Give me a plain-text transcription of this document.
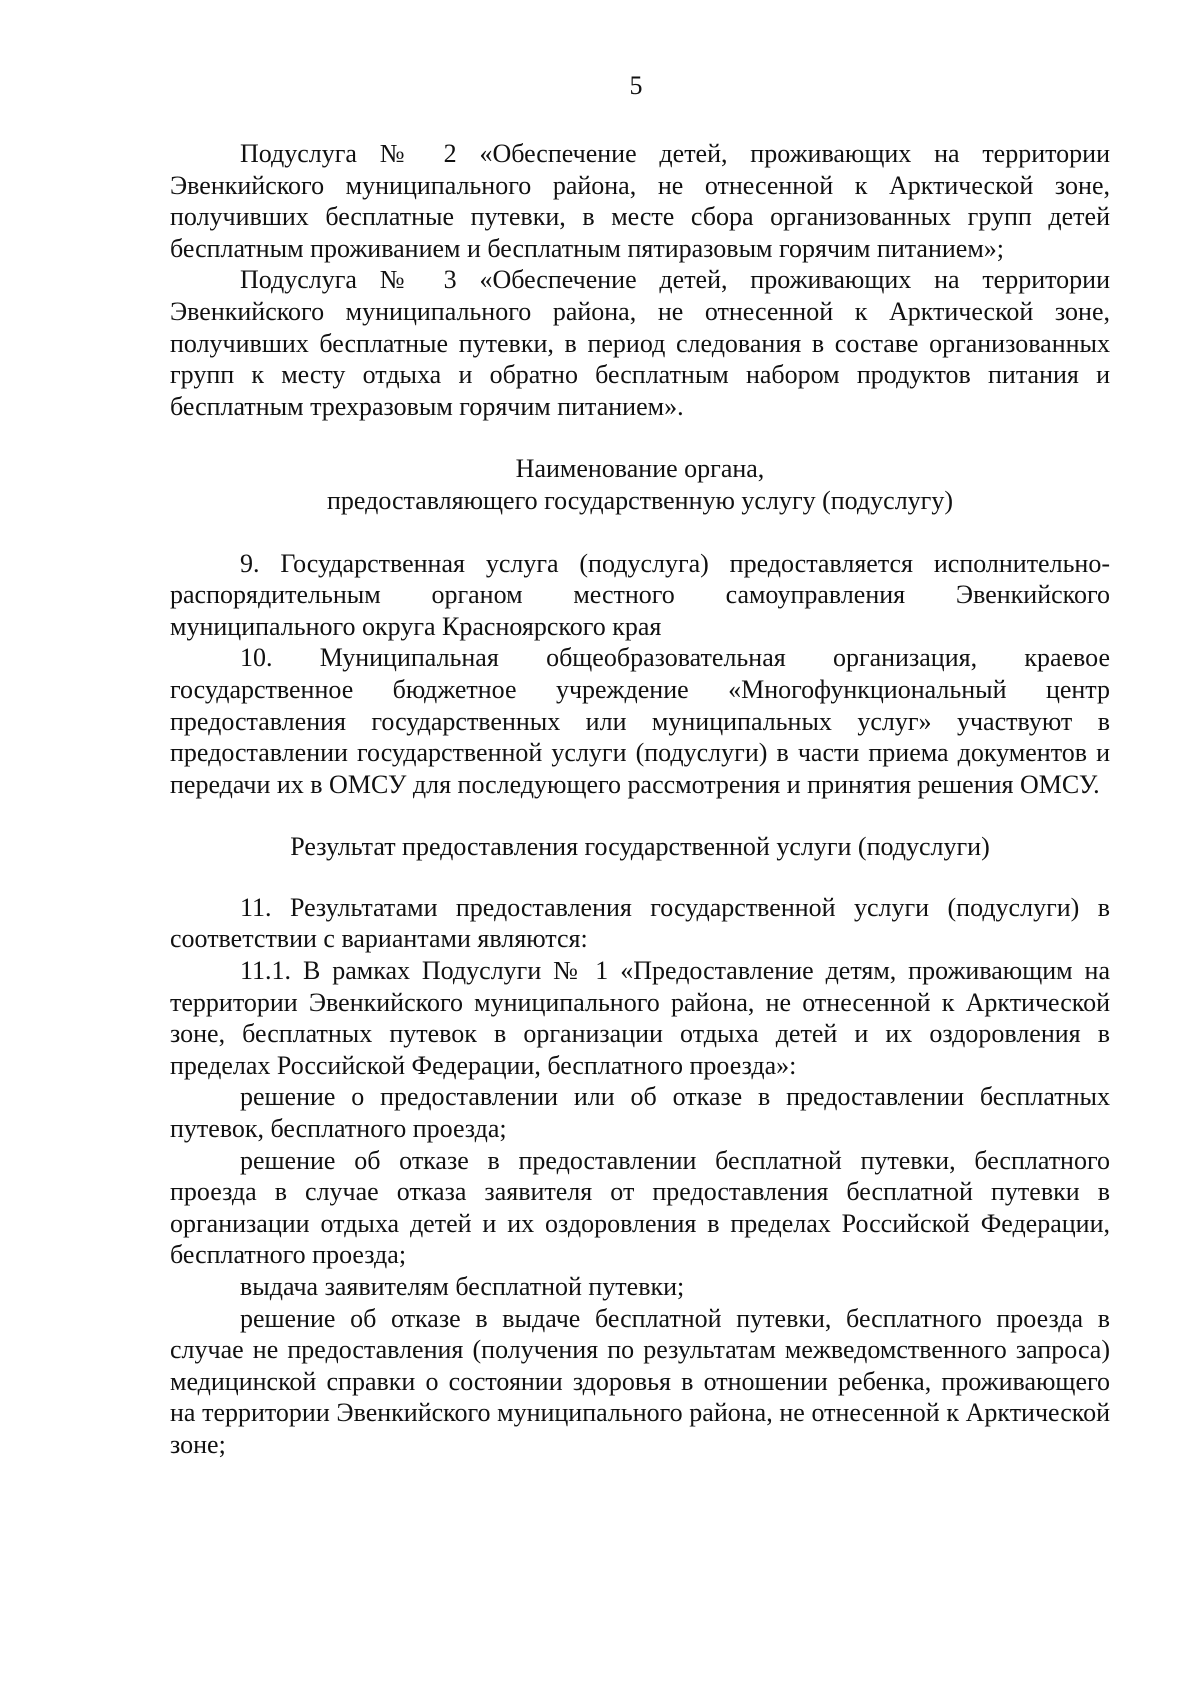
5

Подуслуга № 2 «Обеспечение детей, проживающих на территории Эвенкийского муниципального района, не отнесенной к Арктической зоне, получивших бесплатные путевки, в месте сбора организованных групп детей бесплатным проживанием и бесплатным пятиразовым горячим питанием»;

Подуслуга № 3 «Обеспечение детей, проживающих на территории Эвенкийского муниципального района, не отнесенной к Арктической зоне, получивших бесплатные путевки, в период следования в составе организованных групп к месту отдыха и обратно бесплатным набором продуктов питания и бесплатным трехразовым горячим питанием».

Наименование органа,

предоставляющего государственную услугу (подуслугу)

9. Государственная услуга (подуслуга) предоставляется исполнительно-распорядительным органом местного самоуправления Эвенкийского муниципального округа Красноярского края

10. Муниципальная общеобразовательная организация, краевое государственное бюджетное учреждение «Многофункциональный центр предоставления государственных или муниципальных услуг» участвуют в предоставлении государственной услуги (подуслуги) в части приема документов и передачи их в ОМСУ для последующего рассмотрения и принятия решения ОМСУ.

Результат предоставления государственной услуги (подуслуги)

11. Результатами предоставления государственной услуги (подуслуги) в соответствии с вариантами являются:

11.1. В рамках Подуслуги № 1 «Предоставление детям, проживающим на территории Эвенкийского муниципального района, не отнесенной к Арктической зоне, бесплатных путевок в организации отдыха детей и их оздоровления в пределах Российской Федерации, бесплатного проезда»:

решение о предоставлении или об отказе в предоставлении бесплатных путевок, бесплатного проезда;

решение об отказе в предоставлении бесплатной путевки, бесплатного проезда в случае отказа заявителя от предоставления бесплатной путевки в организации отдыха детей и их оздоровления в пределах Российской Федерации, бесплатного проезда;

выдача заявителям бесплатной путевки;

решение об отказе в выдаче бесплатной путевки, бесплатного проезда в случае не предоставления (получения по результатам межведомственного запроса) медицинской справки о состоянии здоровья в отношении ребенка, проживающего на территории Эвенкийского муниципального района, не отнесенной к Арктической зоне;
